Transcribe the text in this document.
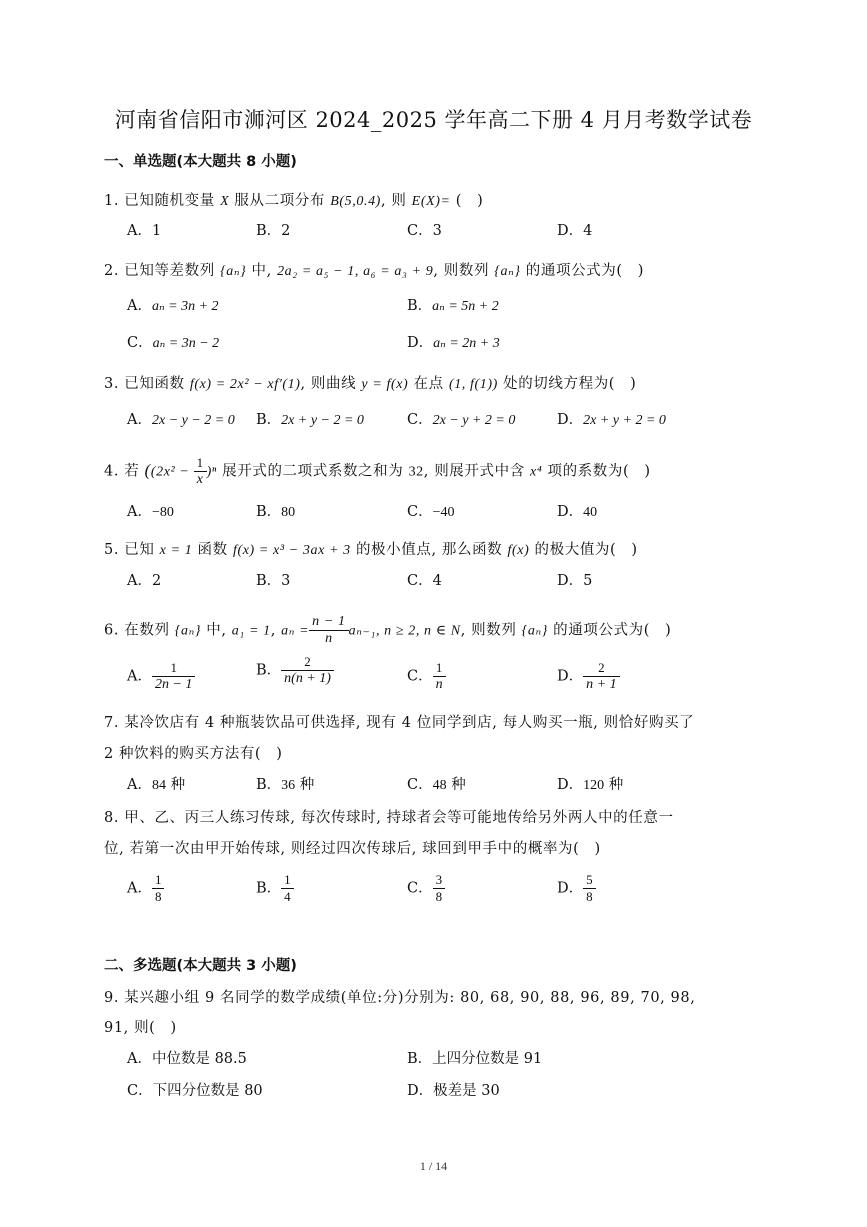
河南省信阳市浉河区 2024_2025 学年高二下册 4 月月考数学试卷
一、单选题(本大题共 8 小题)
1. 已知随机变量 X 服从二项分布 B(5,0.4), 则 E(X)= (　)
A．1	B．2	C．3	D．4
2. 已知等差数列 {aₙ} 中, 2a₂ = a₅ − 1, a₆ = a₃ + 9, 则数列 {aₙ} 的通项公式为(　)
A．aₙ = 3n + 2	B．aₙ = 5n + 2
C．aₙ = 3n − 2	D．aₙ = 2n + 3
3. 已知函数 f(x) = 2x² − xf′(1), 则曲线 y = f(x) 在点 (1, f(1)) 处的切线方程为(　)
A．2x − y − 2 = 0 B．2x + y − 2 = 0	C．2x − y + 2 = 0	D．2x + y + 2 = 0
4. 若 ($(2x^2 - \frac{1}{x} )^n$ 展开式的二项式系数之和为 32, 则展开式中含 x⁴ 项的系数为(　)
A．−80	B．80	C．−40	D．40
5. 已知 x = 1 函数 f(x) = x³ − 3ax + 3 的极小值点, 那么函数 f(x) 的极大值为(　)
A．2	B．3	C．4	D．5
6. 在数列 {aₙ} 中, a₁ = 1, $a_n = \frac{n - 1}{n} a_{n-1}$, n ≥ 2, n ∈ N, 则数列 {aₙ} 的通项公式为(　)
A． $\frac{1}{2n - 1}$	B． $\frac{2}{n(n + 1)}$	C． $\frac{1}{n}$	D． $\frac{2}{n + 1}$
7. 某冷饮店有 4 种瓶装饮品可供选择, 现有 4 位同学到店, 每人购买一瓶, 则恰好购买了
2 种饮料的购买方法有(　)
A．84 种	B．36 种	C．48 种	D．120 种
8. 甲、乙、丙三人练习传球, 每次传球时, 持球者会等可能地传给另外两人中的任意一
位, 若第一次由甲开始传球, 则经过四次传球后, 球回到甲手中的概率为(　)
A． $\frac{1}{8}$	B． $\frac{1}{4}$	C． $\frac{3}{8}$	D． $\frac{5}{8}$
二、多选题(本大题共 3 小题)
9. 某兴趣小组 9 名同学的数学成绩(单位:分)分别为: 80, 68, 90, 88, 96, 89, 70, 98,
91, 则(　)
A．中位数是 88.5	B．上四分位数是 91
C．下四分位数是 80	D．极差是 30
1 / 14
